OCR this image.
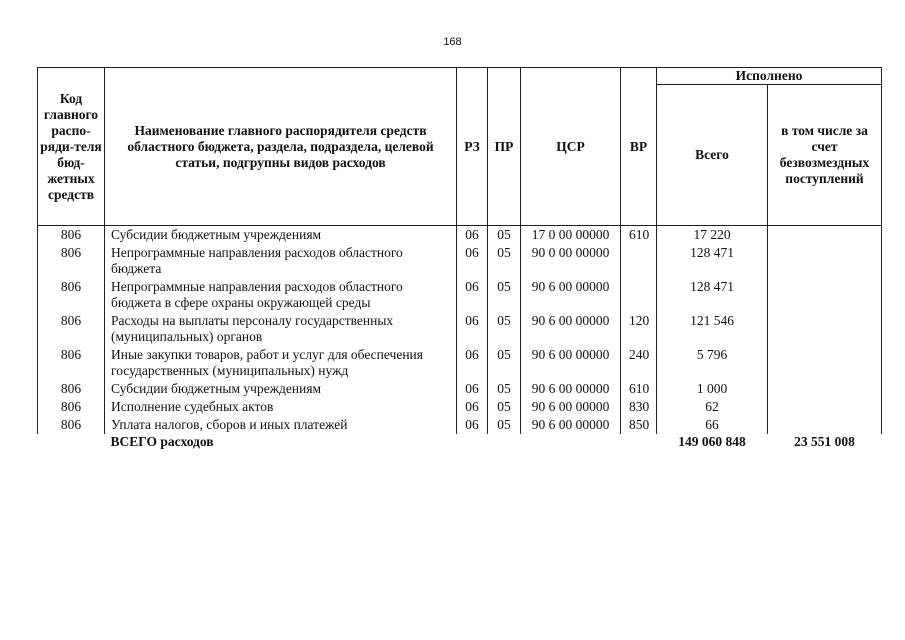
168
Код главного распо-ряди-теля бюд-жетных средств	Наименование главного распорядителя средств областного бюджета, раздела, подраздела, целевой статьи, подгрупны видов расходов	РЗ	ПР	ЦСР	ВР	Исполнено	
						Всего	в том числе за счет безвозмездных поступлений
806	Субсидии бюджетным учреждениям	06	05	17 0 00 00000	610	17 220	
806	Непрограммные направления расходов областного бюджета	06	05	90 0 00 00000		128 471	
806	Непрограммные направления расходов областного бюджета в сфере охраны окружающей среды	06	05	90 6 00 00000		128 471	
806	Расходы на выплаты персоналу государственных (муниципальных) органов	06	05	90 6 00 00000	120	121 546	
806	Иные закупки товаров, работ и услуг для обеспечения государственных (муниципальных) нужд	06	05	90 6 00 00000	240	5 796	
806	Субсидии бюджетным учреждениям	06	05	90 6 00 00000	610	1 000	
806	Исполнение судебных актов	06	05	90 6 00 00000	830	62	
806	Уплата налогов, сборов и иных платежей	06	05	90 6 00 00000	850	66	
	ВСЕГО расходов					149 060 848	23 551 008
